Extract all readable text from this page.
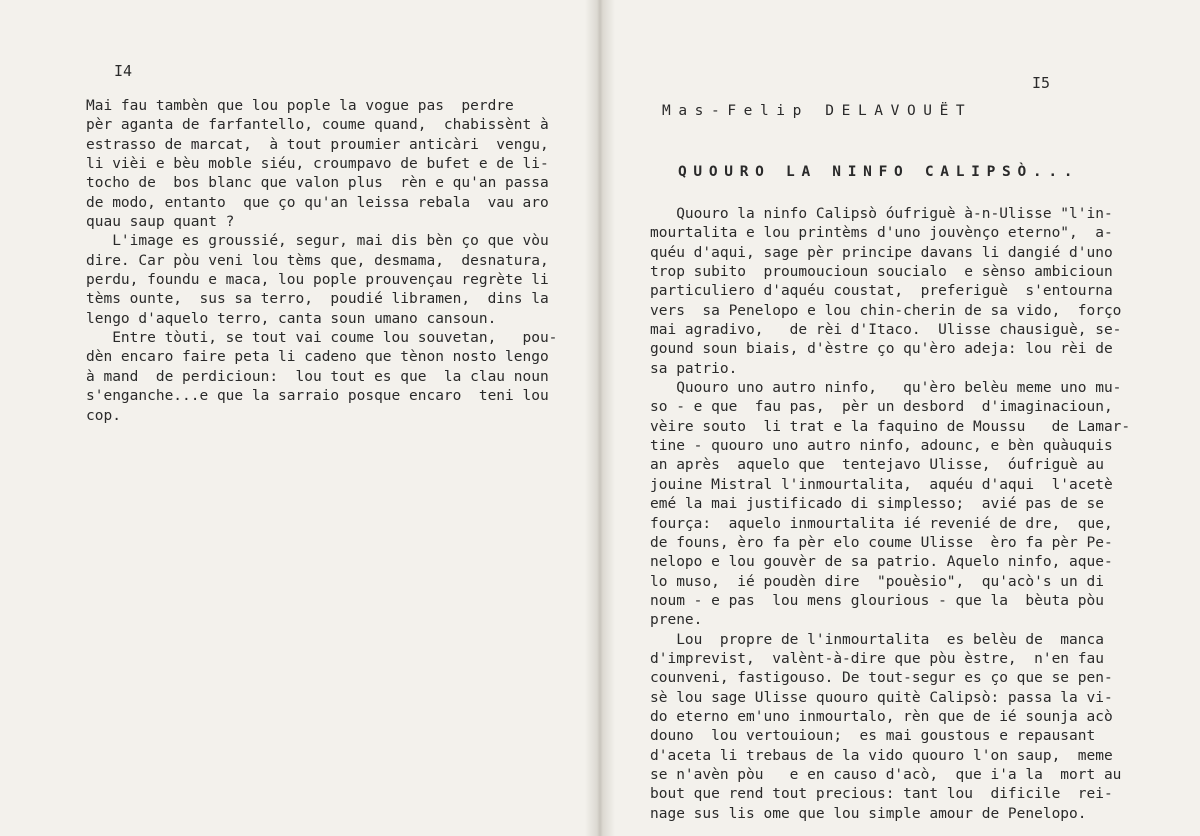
I4
Mai fau tambèn que lou pople la vogue pas  perdre
pèr aganta de farfantello, coume quand,  chabissènt à
estrasso de marcat,  à tout proumier anticàri  vengu,
li vièi e bèu moble siéu, croumpavo de bufet e de li-
tocho de  bos blanc que valon plus  rèn e qu'an passa
de modo, entanto  que ço qu'an leissa rebala  vau aro
quau saup quant ?
L'image es groussié, segur, mai dis bèn ço que vòu
dire. Car pòu veni lou tèms que, desmama,  desnatura,
perdu, foundu e maca, lou pople prouvençau regrète li
tèms ounte,  sus sa terro,  poudié libramen,  dins la
lengo d'aquelo terro, canta soun umano cansoun.
Entre tòuti, se tout vai coume lou souvetan,   pou-
dèn encaro faire peta li cadeno que tènon nosto lengo
à mand  de perdicioun:  lou tout es que  la clau noun
s'enganche...e que la sarraio posque encaro  teni lou
cop.
I5
Mas-Felip DELAVOUËT
QUOURO LA NINFO CALIPSÒ...
Quouro la ninfo Calipsò óufriguè à-n-Ulisse "l'in-
mourtalita e lou printèms d'uno jouvènço eterno",  a-
quéu d'aqui, sage pèr principe davans li dangié d'uno
trop subito  proumoucioun soucialo  e sènso ambicioun
particuliero d'aquéu coustat,  preferiguè  s'entourna
vers  sa Penelopo e lou chin-cherin de sa vido,  forço
mai agradivo,   de rèi d'Itaco.  Ulisse chausiguè, se-
gound soun biais, d'èstre ço qu'èro adeja: lou rèi de
sa patrio.
Quouro uno autro ninfo,   qu'èro belèu meme uno mu-
so - e que  fau pas,  pèr un desbord  d'imaginacioun,
vèire souto  li trat e la faquino de Moussu   de Lamar-
tine - quouro uno autro ninfo, adounc, e bèn quàuquis
an après  aquelo que  tentejavo Ulisse,  óufriguè au
jouine Mistral l'inmourtalita,  aquéu d'aqui  l'acetè
emé la mai justificado di simplesso;  avié pas de se
fourça:  aquelo inmourtalita ié revenié de dre,  que,
de founs, èro fa pèr elo coume Ulisse  èro fa pèr Pe-
nelopo e lou gouvèr de sa patrio. Aquelo ninfo, aque-
lo muso,  ié poudèn dire  "pouèsio",  qu'acò's un di
noum - e pas  lou mens glourious - que la  bèuta pòu
prene.
Lou  propre de l'inmourtalita  es belèu de  manca
d'imprevist,  valènt-à-dire que pòu èstre,  n'en fau
counveni, fastigouso. De tout-segur es ço que se pen-
sè lou sage Ulisse quouro quitè Calipsò: passa la vi-
do eterno em'uno inmourtalo, rèn que de ié sounja acò
douno  lou vertouioun;  es mai goustous e repausant
d'aceta li trebaus de la vido quouro l'on saup,  meme
se n'avèn pòu   e en causo d'acò,  que i'a la  mort au
bout que rend tout precious: tant lou  dificile  rei-
nage sus lis ome que lou simple amour de Penelopo.
